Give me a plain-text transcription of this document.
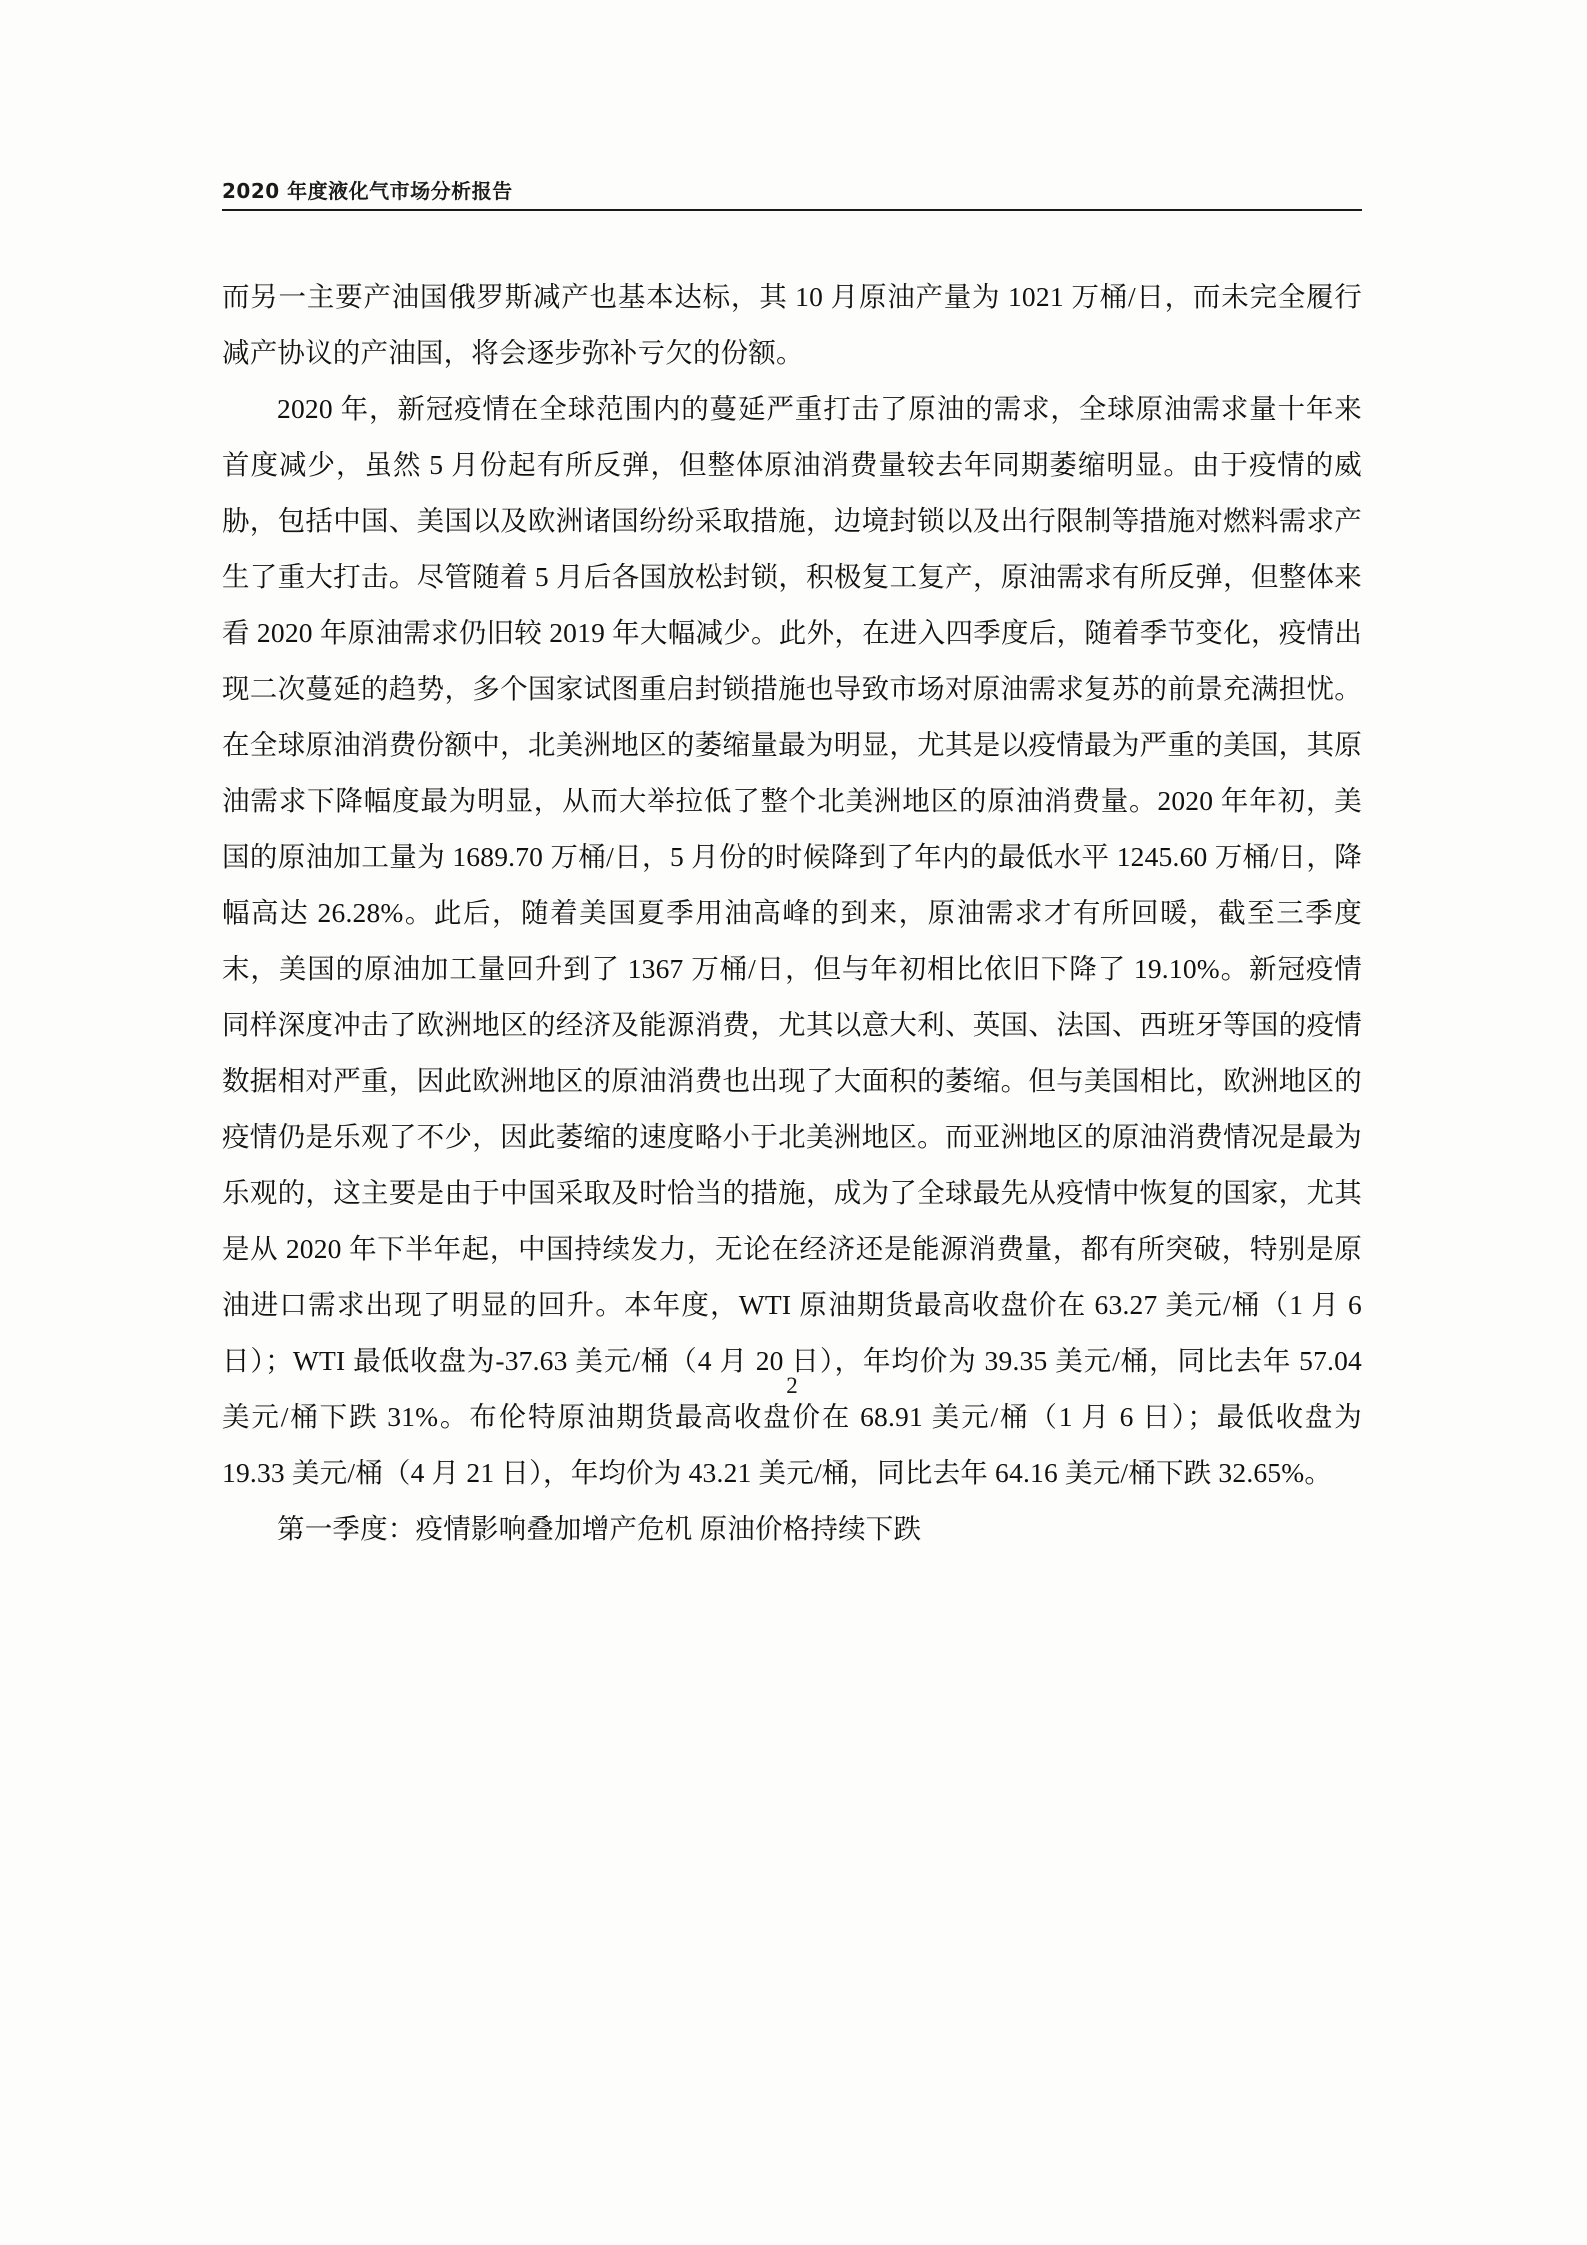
2020 年度液化气市场分析报告

而另一主要产油国俄罗斯减产也基本达标，其 10 月原油产量为 1021 万桶/日，而未完全履行减产协议的产油国，将会逐步弥补亏欠的份额。

2020 年，新冠疫情在全球范围内的蔓延严重打击了原油的需求，全球原油需求量十年来首度减少，虽然 5 月份起有所反弹，但整体原油消费量较去年同期萎缩明显。由于疫情的威胁，包括中国、美国以及欧洲诸国纷纷采取措施，边境封锁以及出行限制等措施对燃料需求产生了重大打击。尽管随着 5 月后各国放松封锁，积极复工复产，原油需求有所反弹，但整体来看 2020 年原油需求仍旧较 2019 年大幅减少。此外，在进入四季度后，随着季节变化，疫情出现二次蔓延的趋势，多个国家试图重启封锁措施也导致市场对原油需求复苏的前景充满担忧。在全球原油消费份额中，北美洲地区的萎缩量最为明显，尤其是以疫情最为严重的美国，其原油需求下降幅度最为明显，从而大举拉低了整个北美洲地区的原油消费量。2020 年年初，美国的原油加工量为 1689.70 万桶/日，5 月份的时候降到了年内的最低水平 1245.60 万桶/日，降幅高达 26.28%。此后，随着美国夏季用油高峰的到来，原油需求才有所回暖，截至三季度末，美国的原油加工量回升到了 1367 万桶/日，但与年初相比依旧下降了 19.10%。新冠疫情同样深度冲击了欧洲地区的经济及能源消费，尤其以意大利、英国、法国、西班牙等国的疫情数据相对严重，因此欧洲地区的原油消费也出现了大面积的萎缩。但与美国相比，欧洲地区的疫情仍是乐观了不少，因此萎缩的速度略小于北美洲地区。而亚洲地区的原油消费情况是最为乐观的，这主要是由于中国采取及时恰当的措施，成为了全球最先从疫情中恢复的国家，尤其是从 2020 年下半年起，中国持续发力，无论在经济还是能源消费量，都有所突破，特别是原油进口需求出现了明显的回升。本年度，WTI 原油期货最高收盘价在 63.27 美元/桶（1 月 6 日）；WTI 最低收盘为-37.63 美元/桶（4 月 20 日），年均价为 39.35 美元/桶，同比去年 57.04 美元/桶下跌 31%。布伦特原油期货最高收盘价在 68.91 美元/桶（1 月 6 日）；最低收盘为 19.33 美元/桶（4 月 21 日），年均价为 43.21 美元/桶，同比去年 64.16 美元/桶下跌 32.65%。

第一季度：疫情影响叠加增产危机 原油价格持续下跌

2
